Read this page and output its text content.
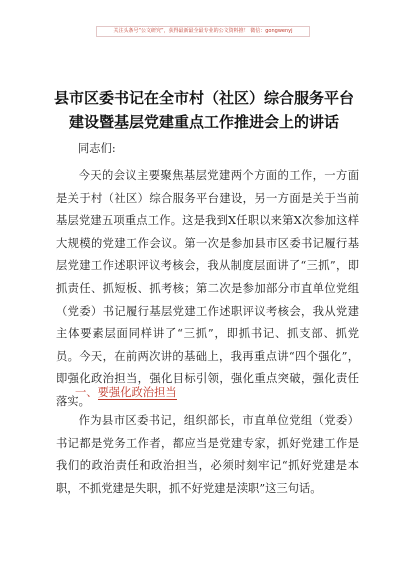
关注头条号“公文研究”，获得最新最全最专业的公文资料推！ 微信：gongwenyj
县市区委书记在全市村（社区）综合服务平台
建设暨基层党建重点工作推进会上的讲话
同志们:
今天的会议主要聚焦基层党建两个方面的工作，一方面是关于村（社区）综合服务平台建设，另一方面是关于当前基层党建五项重点工作。这是我到X任职以来第X次参加这样大规模的党建工作会议。第一次是参加县市区委书记履行基层党建工作述职评议考核会，我从制度层面讲了“三抓”，即抓责任、抓短板、抓考核；第二次是参加部分市直单位党组（党委）书记履行基层党建工作述职评议考核会，我从党建主体要素层面同样讲了“三抓”，即抓书记、抓支部、抓党员。今天，在前两次讲的基础上，我再重点讲“四个强化”，即强化政治担当，强化目标引领，强化重点突破，强化责任落实。
一、要强化政治担当
作为县市区委书记，组织部长，市直单位党组（党委）书记都是党务工作者，都应当是党建专家，抓好党建工作是我们的政治责任和政治担当，必须时刻牢记“抓好党建是本职，不抓党建是失职，抓不好党建是渎职”这三句话。
